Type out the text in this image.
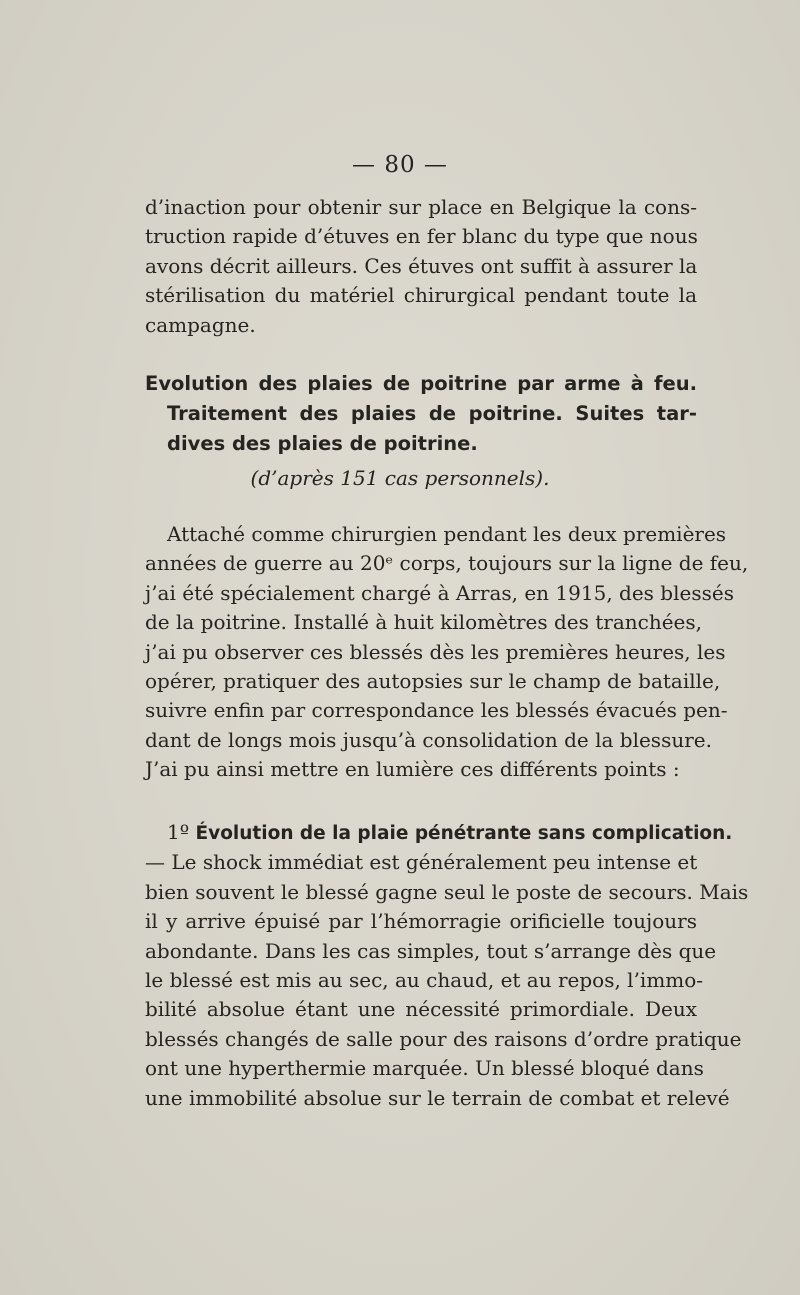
— 80 —
d’inaction pour obtenir sur place en Belgique la cons-
truction rapide d’étuves en fer blanc du type que nous
avons décrit ailleurs. Ces étuves ont suffit à assurer la
stérilisation du matériel chirurgical pendant toute la
campagne.
Evolution des plaies de poitrine par arme à feu.
Traitement des plaies de poitrine. Suites tar-
dives des plaies de poitrine.
(d’après 151 cas personnels).
Attaché comme chirurgien pendant les deux premières
années de guerre au 20ᵉ corps, toujours sur la ligne de feu,
j’ai été spécialement chargé à Arras, en 1915, des blessés
de la poitrine. Installé à huit kilomètres des tranchées,
j’ai pu observer ces blessés dès les premières heures, les
opérer, pratiquer des autopsies sur le champ de bataille,
suivre enfin par correspondance les blessés évacués pen-
dant de longs mois jusqu’à consolidation de la blessure.
J’ai pu ainsi mettre en lumière ces différents points :
1º Évolution de la plaie pénétrante sans complication.
— Le shock immédiat est généralement peu intense et
bien souvent le blessé gagne seul le poste de secours. Mais
il y arrive épuisé par l’hémorragie orificielle toujours
abondante. Dans les cas simples, tout s’arrange dès que
le blessé est mis au sec, au chaud, et au repos, l’immo-
bilité absolue étant une nécessité primordiale. Deux
blessés changés de salle pour des raisons d’ordre pratique
ont une hyperthermie marquée. Un blessé bloqué dans
une immobilité absolue sur le terrain de combat et relevé
